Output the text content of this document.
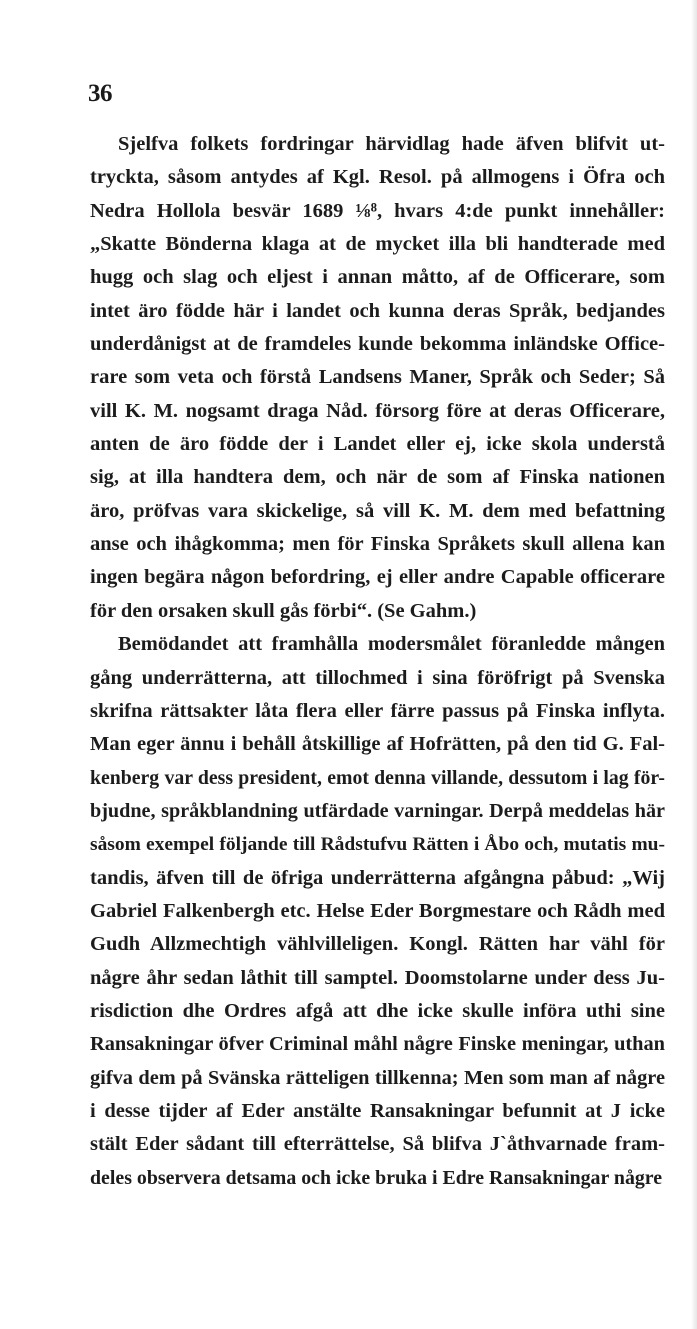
36
Sjelfva folkets fordringar härvidlag hade äfven blifvit ut-
tryckta, såsom antydes af Kgl. Resol. på allmogens i Öfra och
Nedra Hollola besvär 1689 ⅛⁸, hvars 4:de punkt innehåller:
„Skatte Bönderna klaga at de mycket illa bli handterade med
hugg och slag och eljest i annan måtto, af de Officerare, som
intet äro födde här i landet och kunna deras Språk, bedjandes
underdånigst at de framdeles kunde bekomma inländske Office-
rare som veta och förstå Landsens Maner, Språk och Seder; Så
vill K. M. nogsamt draga Nåd. försorg före at deras Officerare,
anten de äro födde der i Landet eller ej, icke skola understå
sig, at illa handtera dem, och när de som af Finska nationen
äro, pröfvas vara skickelige, så vill K. M. dem med befattning
anse och ihågkomma; men för Finska Språkets skull allena kan
ingen begära någon befordring, ej eller andre Capable officerare
för den orsaken skull gås förbi“. (Se Gahm.)
Bemödandet att framhålla modersmålet föranledde mången
gång underrätterna, att tillochmed i sina föröfrigt på Svenska
skrifna rättsakter låta flera eller färre passus på Finska inflyta.
Man eger ännu i behåll åtskillige af Hofrätten, på den tid G. Fal-
kenberg var dess president, emot denna villande, dessutom i lag för-
bjudne, språkblandning utfärdade varningar. Derpå meddelas här
såsom exempel följande till Rådstufvu Rätten i Åbo och, mutatis mu-
tandis, äfven till de öfriga underrätterna afgångna påbud: „Wij
Gabriel Falkenbergh etc. Helse Eder Borgmestare och Rådh med
Gudh Allzmechtigh vählvilleligen. Kongl. Rätten har vähl för
någre åhr sedan låthit till samptel. Doomstolarne under dess Ju-
risdiction dhe Ordres afgå att dhe icke skulle införa uthi sine
Ransakningar öfver Criminal måhl någre Finske meningar, uthan
gifva dem på Svänska rätteligen tillkenna; Men som man af någre
i desse tijder af Eder anstälte Ransakningar befunnit at J icke
stält Eder sådant till efterrättelse, Så blifva J`åthvarnade fram-
deles observera detsama och icke bruka i Edre Ransakningar någre
